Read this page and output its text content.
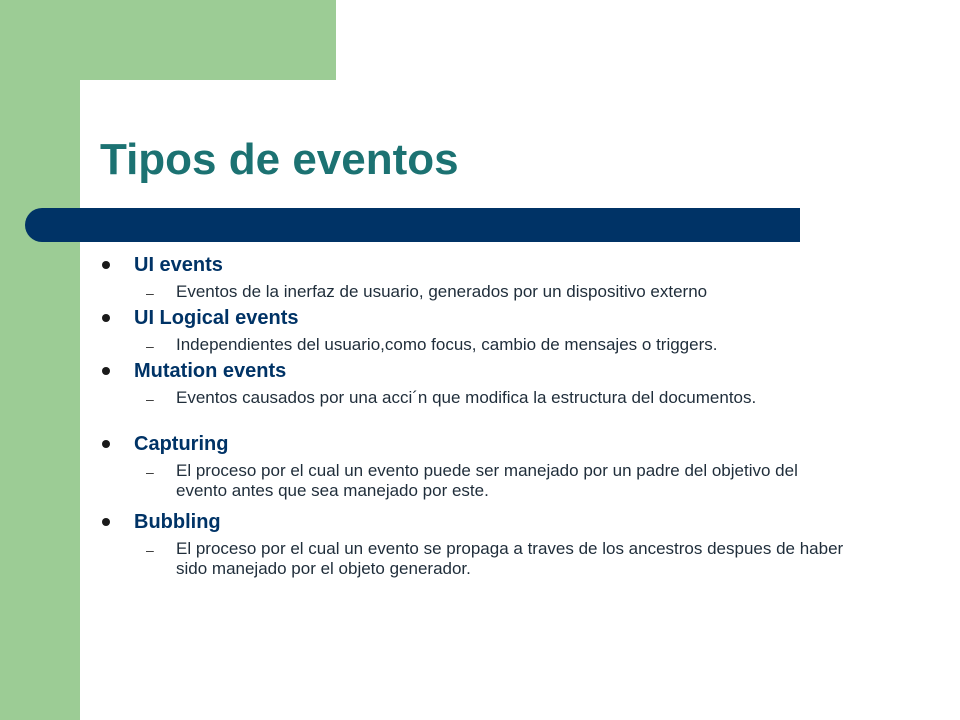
Tipos de eventos
UI events
– Eventos de la inerfaz de usuario, generados por un dispositivo externo
UI Logical events
– Independientes del usuario,como focus, cambio de mensajes o triggers.
Mutation events
– Eventos causados por una acci´n que modifica la estructura del documentos.
Capturing
– El proceso por el cual un evento puede ser manejado por un padre del objetivo del evento antes que sea manejado por este.
Bubbling
– El proceso por el cual un evento se propaga a traves de los ancestros despues de haber sido manejado por el objeto generador.
